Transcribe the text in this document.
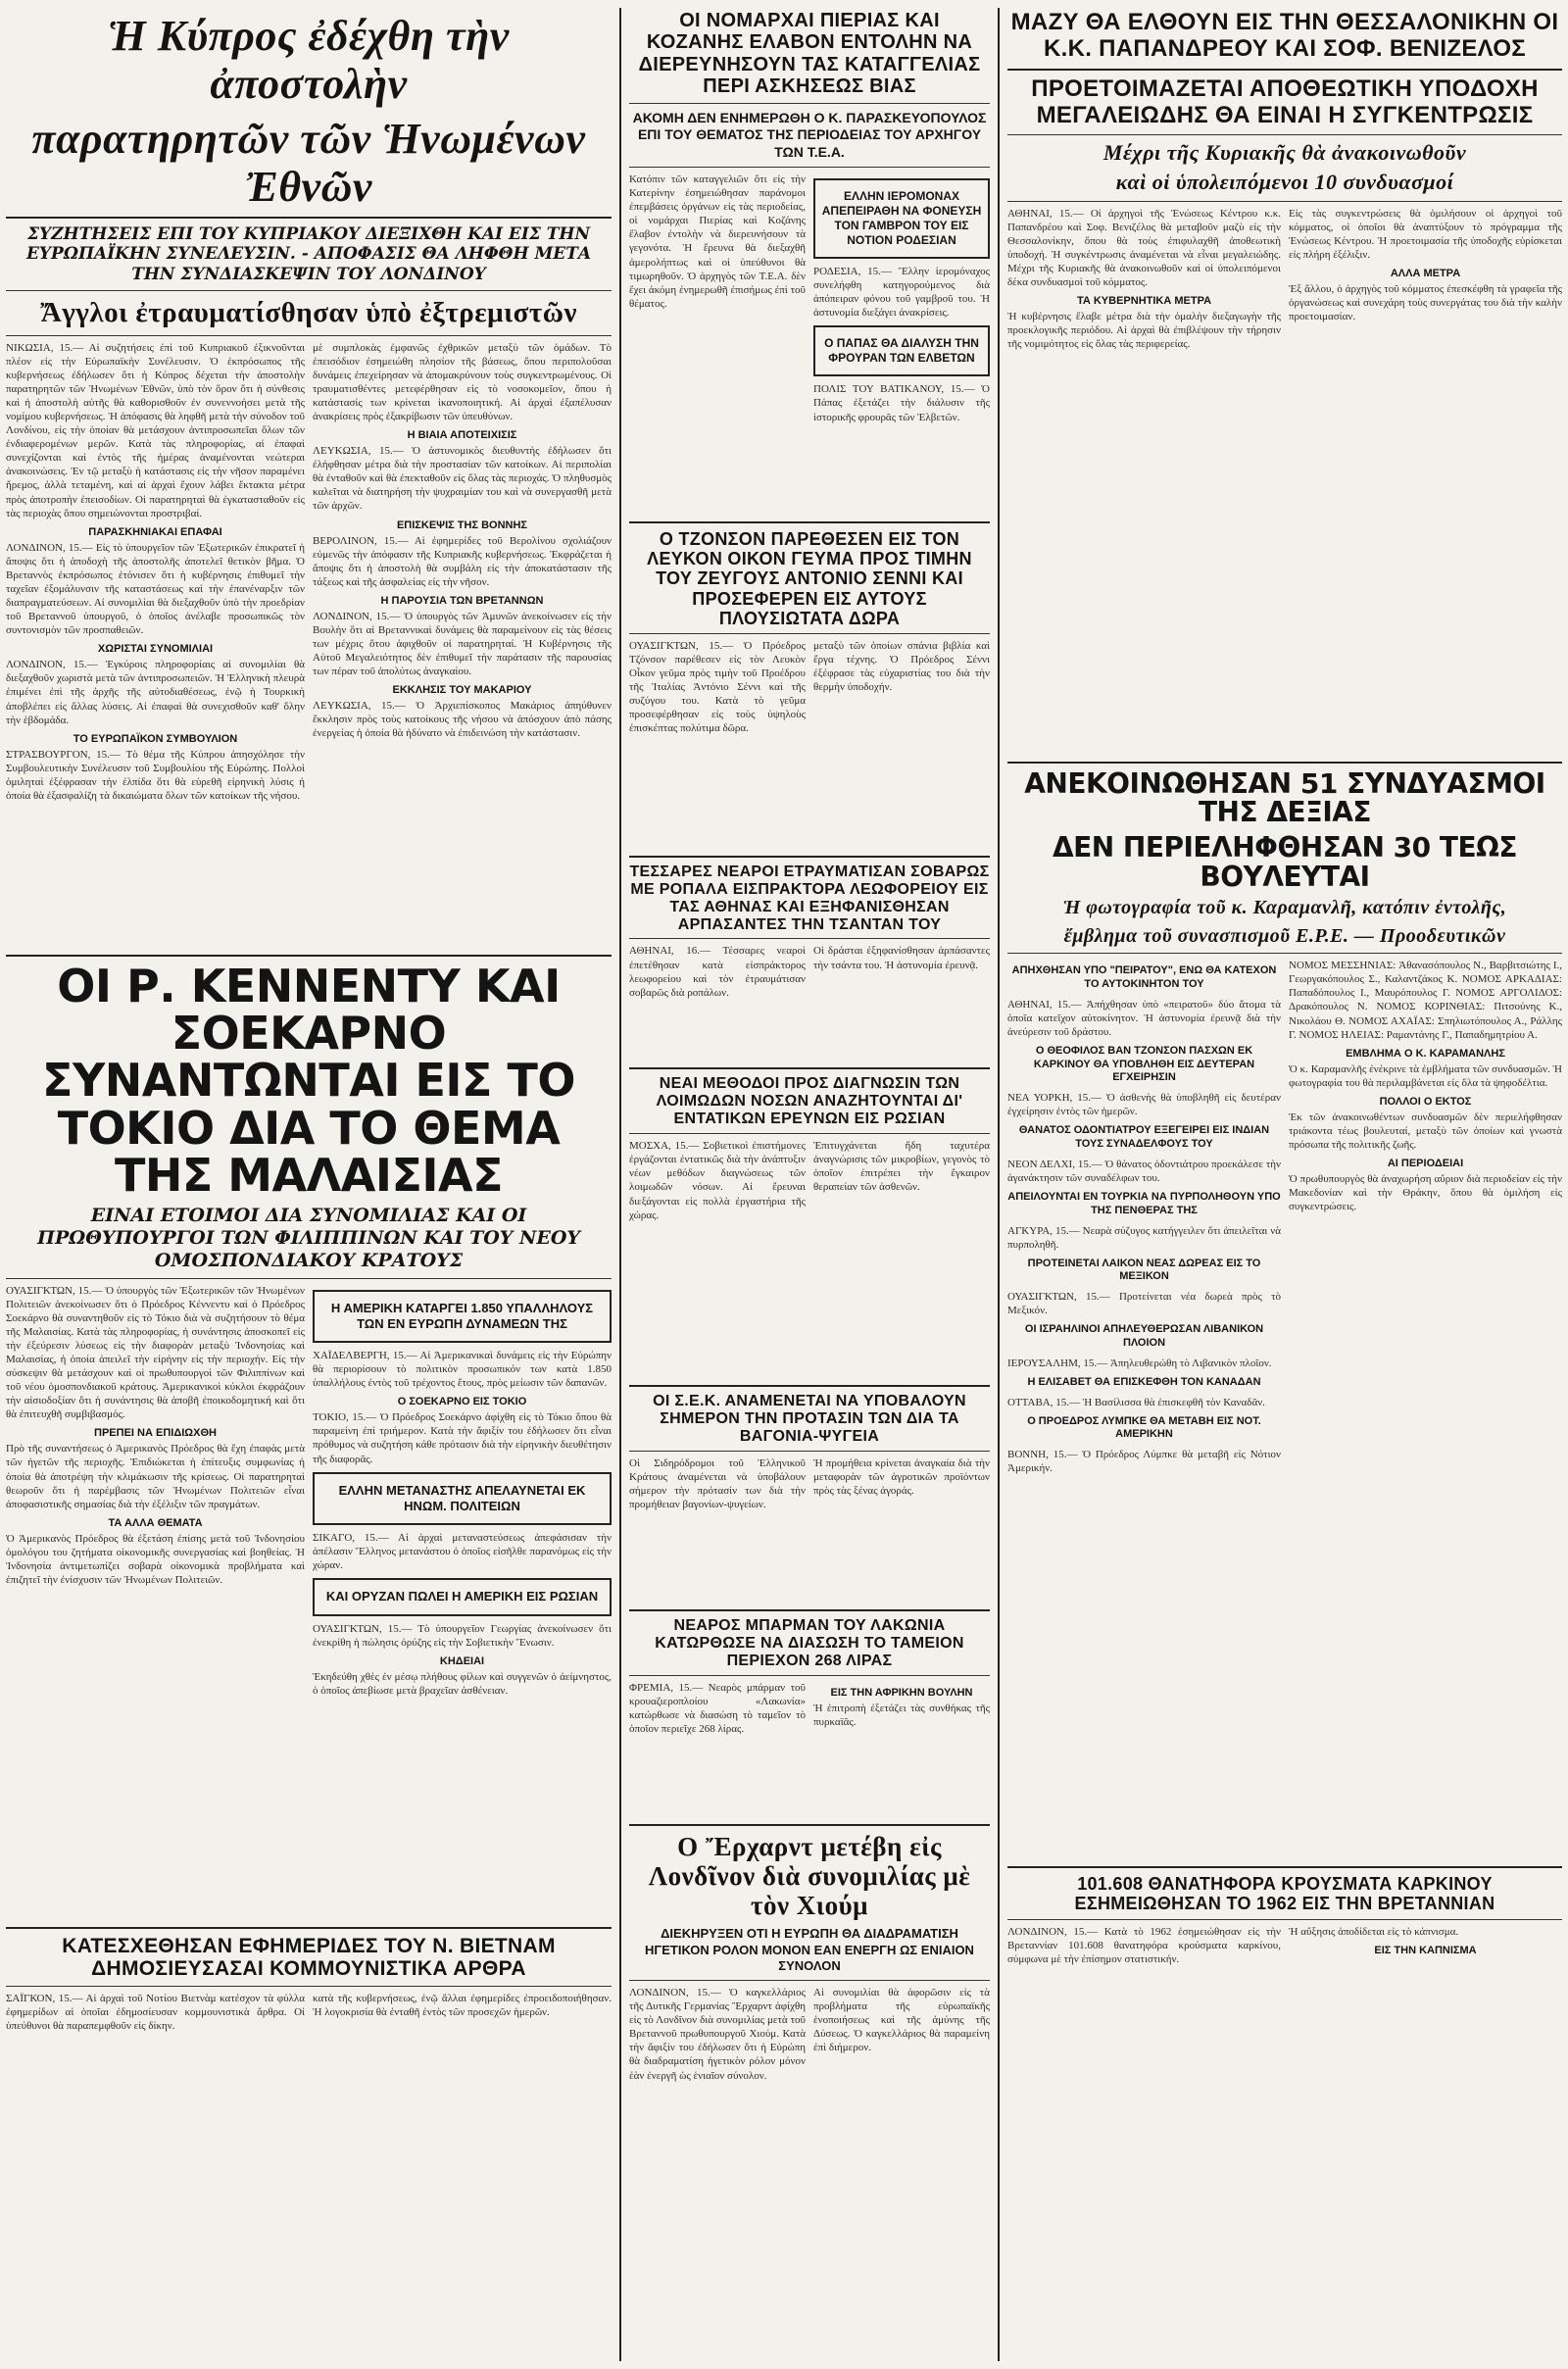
Ἡ Κύπρος ἐδέχθη τὴν ἀποστολὴν
παρατηρητῶν τῶν Ἡνωμένων Ἐθνῶν
ΣΥΖΗΤΗΣΕΙΣ ΕΠΙ ΤΟΥ ΚΥΠΡΙΑΚΟΥ ΔΙΕΞΙΧΘΗ ΚΑΙ ΕΙΣ ΤΗΝ ΕΥΡΩΠΑΪΚΗΝ ΣΥΝΕΛΕΥΣΙΝ. - ΑΠΟΦΑΣΙΣ ΘΑ ΛΗΦΘΗ ΜΕΤΑ ΤΗΝ ΣΥΝΔΙΑΣΚΕΨΙΝ ΤΟΥ ΛΟΝΔΙΝΟΥ
Ἄγγλοι ἐτραυματίσθησαν ὑπὸ ἐξτρεμιστῶν

ΝΙΚΩΣΙΑ, 15.— Αἱ συζητήσεις ἐπὶ τοῦ Κυπριακοῦ ἐξικνοῦνται πλέον εἰς τὴν Εὐρωπαϊκὴν Συνέλευσιν. Ὁ ἐκπρόσωπος τῆς κυβερνήσεως ἐδήλωσεν ὅτι ἡ Κύπρος δέχεται τὴν ἀποστολὴν παρατηρητῶν τῶν Ἡνωμένων Ἐθνῶν, ὑπὸ τὸν ὅρον ὅτι ἡ σύνθεσις καὶ ἡ ἀποστολὴ αὐτῆς θὰ καθορισθοῦν ἐν συνεννοήσει μετὰ τῆς νομίμου κυβερνήσεως. Ἡ ἀπόφασις θὰ ληφθῆ μετὰ τὴν σύνοδον τοῦ Λονδίνου, εἰς τὴν ὁποίαν θὰ μετάσχουν ἀντιπροσωπεῖαι ὅλων τῶν ἐνδιαφερομένων μερῶν. Κατὰ τὰς πληροφορίας, αἱ ἐπαφαὶ συνεχίζονται καὶ ἐντὸς τῆς ἡμέρας ἀναμένονται νεώτεραι ἀνακοινώσεις. Ἐν τῷ μεταξὺ ἡ κατάστασις εἰς τὴν νῆσον παραμένει ἤρεμος, ἀλλὰ τεταμένη, καὶ αἱ ἀρχαὶ ἔχουν λάβει ἔκτακτα μέτρα πρὸς ἀποτροπὴν ἐπεισοδίων. Οἱ παρατηρηταὶ θὰ ἐγκατασταθοῦν εἰς τὰς περιοχὰς ὅπου σημειώνονται προστριβαί.

ΠΑΡΑΣΚΗΝΙΑΚΑΙ ΕΠΑΦΑΙ

ΛΟΝΔΙΝΟΝ, 15.— Εἰς τὸ ὑπουργεῖον τῶν Ἐξωτερικῶν ἐπικρατεῖ ἡ ἄποψις ὅτι ἡ ἀποδοχὴ τῆς ἀποστολῆς ἀποτελεῖ θετικὸν βῆμα. Ὁ Βρεταννὸς ἐκπρόσωπος ἐτόνισεν ὅτι ἡ κυβέρνησις ἐπιθυμεῖ τὴν ταχεῖαν ἐξομάλυνσιν τῆς καταστάσεως καὶ τὴν ἐπανέναρξιν τῶν διαπραγματεύσεων. Αἱ συνομιλίαι θὰ διεξαχθοῦν ὑπὸ τὴν προεδρίαν τοῦ Βρεταννοῦ ὑπουργοῦ, ὁ ὁποῖος ἀνέλαβε προσωπικῶς τὸν συντονισμὸν τῶν προσπαθειῶν.

ΧΩΡΙΣΤΑΙ ΣΥΝΟΜΙΛΙΑΙ

ΛΟΝΔΙΝΟΝ, 15.— Ἐγκύροις πληροφορίαις αἱ συνομιλίαι θὰ διεξαχθοῦν χωριστὰ μετὰ τῶν ἀντιπροσωπειῶν. Ἡ Ἑλληνικὴ πλευρὰ ἐπιμένει ἐπὶ τῆς ἀρχῆς τῆς αὐτοδιαθέσεως, ἐνῷ ἡ Τουρκικὴ ἀποβλέπει εἰς ἄλλας λύσεις. Αἱ ἐπαφαὶ θὰ συνεχισθοῦν καθ' ὅλην τὴν ἑβδομάδα.

ΤΟ ΕΥΡΩΠΑΪΚΟΝ ΣΥΜΒΟΥΛΙΟΝ

ΣΤΡΑΣΒΟΥΡΓΟΝ, 15.— Τὸ θέμα τῆς Κύπρου ἀπησχόλησε τὴν Συμβουλευτικὴν Συνέλευσιν τοῦ Συμβουλίου τῆς Εὐρώπης. Πολλοὶ ὁμιληταὶ ἐξέφρασαν τὴν ἐλπίδα ὅτι θὰ εὑρεθῆ εἰρηνικὴ λύσις ἡ ὁποία θὰ ἐξασφαλίζη τὰ δικαιώματα ὅλων τῶν κατοίκων τῆς νήσου.

μὲ συμπλοκὰς ἐμφανῶς ἐχθρικῶν μεταξὺ τῶν ὁμάδων. Τὸ ἐπεισόδιον ἐσημειώθη πλησίον τῆς βάσεως, ὅπου περιπολοῦσαι δυνάμεις ἐπεχείρησαν νὰ ἀπομακρύνουν τοὺς συγκεντρωμένους. Οἱ τραυματισθέντες μετεφέρθησαν εἰς τὸ νοσοκομεῖον, ὅπου ἡ κατάστασίς των κρίνεται ἱκανοποιητική. Αἱ ἀρχαὶ ἐξαπέλυσαν ἀνακρίσεις πρὸς ἐξακρίβωσιν τῶν ὑπευθύνων.

Η ΒΙΑΙΑ ΑΠΟΤΕΙΧΙΣΙΣ

ΛΕΥΚΩΣΙΑ, 15.— Ὁ ἀστυνομικὸς διευθυντὴς ἐδήλωσεν ὅτι ἐλήφθησαν μέτρα διὰ τὴν προστασίαν τῶν κατοίκων. Αἱ περιπολίαι θὰ ἐνταθοῦν καὶ θὰ ἐπεκταθοῦν εἰς ὅλας τὰς περιοχάς. Ὁ πληθυσμὸς καλεῖται νὰ διατηρήση τὴν ψυχραιμίαν του καὶ νὰ συνεργασθῆ μετὰ τῶν ἀρχῶν.

ΕΠΙΣΚΕΨΙΣ ΤΗΣ ΒΟΝΝΗΣ

ΒΕΡΟΛΙΝΟΝ, 15.— Αἱ ἐφημερίδες τοῦ Βερολίνου σχολιάζουν εὐμενῶς τὴν ἀπόφασιν τῆς Κυπριακῆς κυβερνήσεως. Ἐκφράζεται ἡ ἄποψις ὅτι ἡ ἀποστολὴ θὰ συμβάλη εἰς τὴν ἀποκατάστασιν τῆς τάξεως καὶ τῆς ἀσφαλείας εἰς τὴν νῆσον.

Η ΠΑΡΟΥΣΙΑ ΤΩΝ ΒΡΕΤΑΝΝΩΝ

ΛΟΝΔΙΝΟΝ, 15.— Ὁ ὑπουργὸς τῶν Ἀμυνῶν ἀνεκοίνωσεν εἰς τὴν Βουλὴν ὅτι αἱ Βρεταννικαὶ δυνάμεις θὰ παραμείνουν εἰς τὰς θέσεις των μέχρις ὅτου ἀφιχθοῦν οἱ παρατηρηταί. Ἡ Κυβέρνησις τῆς Αὐτοῦ Μεγαλειότητος δὲν ἐπιθυμεῖ τὴν παράτασιν τῆς παρουσίας των πέραν τοῦ ἀπολύτως ἀναγκαίου.

ΕΚΚΛΗΣΙΣ ΤΟΥ ΜΑΚΑΡΙΟΥ

ΛΕΥΚΩΣΙΑ, 15.— Ὁ Ἀρχιεπίσκοπος Μακάριος ἀπηύθυνεν ἔκκλησιν πρὸς τοὺς κατοίκους τῆς νήσου νὰ ἀπόσχουν ἀπὸ πάσης ἐνεργείας ἡ ὁποία θὰ ἠδύνατο νὰ ἐπιδεινώση τὴν κατάστασιν.

ΟΙ Ρ. ΚΕΝΝΕΝΤΥ ΚΑΙ ΣΟΕΚΑΡΝΟ ΣΥΝΑΝΤΩΝΤΑΙ ΕΙΣ ΤΟ ΤΟΚΙΟ ΔΙΑ ΤΟ ΘΕΜΑ ΤΗΣ ΜΑΛΑΙΣΙΑΣ
ΕΙΝΑΙ ΕΤΟΙΜΟΙ ΔΙΑ ΣΥΝΟΜΙΛΙΑΣ ΚΑΙ ΟΙ ΠΡΩΘΥΠΟΥΡΓΟΙ ΤΩΝ ΦΙΛΙΠΠΙΝΩΝ ΚΑΙ ΤΟΥ ΝΕΟΥ ΟΜΟΣΠΟΝΔΙΑΚΟΥ ΚΡΑΤΟΥΣ

ΟΥΑΣΙΓΚΤΩΝ, 15.— Ὁ ὑπουργὸς τῶν Ἐξωτερικῶν τῶν Ἡνωμένων Πολιτειῶν ἀνεκοίνωσεν ὅτι ὁ Πρόεδρος Κέννεντυ καὶ ὁ Πρόεδρος Σοεκάρνο θὰ συναντηθοῦν εἰς τὸ Τόκιο διὰ νὰ συζητήσουν τὸ θέμα τῆς Μαλαισίας. Κατὰ τὰς πληροφορίας, ἡ συνάντησις ἀποσκοπεῖ εἰς τὴν ἐξεύρεσιν λύσεως εἰς τὴν διαφορὰν μεταξὺ Ἰνδονησίας καὶ Μαλαισίας, ἡ ὁποία ἀπειλεῖ τὴν εἰρήνην εἰς τὴν περιοχήν. Εἰς τὴν σύσκεψιν θὰ μετάσχουν καὶ οἱ πρωθυπουργοὶ τῶν Φιλιππίνων καὶ τοῦ νέου ὁμοσπονδιακοῦ κράτους. Ἀμερικανικοὶ κύκλοι ἐκφράζουν τὴν αἰσιοδοξίαν ὅτι ἡ συνάντησις θὰ ἀποβῆ ἐποικοδομητική καὶ ὅτι θὰ ἐπιτευχθῆ συμβιβασμός.

ΠΡΕΠΕΙ ΝΑ ΕΠΙΔΙΩΧΘΗ

Πρὸ τῆς συναντήσεως ὁ Ἀμερικανὸς Πρόεδρος θὰ ἔχη ἐπαφὰς μετὰ τῶν ἡγετῶν τῆς περιοχῆς. Ἐπιδιώκεται ἡ ἐπίτευξις συμφωνίας ἡ ὁποία θὰ ἀποτρέψη τὴν κλιμάκωσιν τῆς κρίσεως. Οἱ παρατηρηταὶ θεωροῦν ὅτι ἡ παρέμβασις τῶν Ἡνωμένων Πολιτειῶν εἶναι ἀποφασιστικῆς σημασίας διὰ τὴν ἐξέλιξιν τῶν πραγμάτων.

ΤΑ ΑΛΛΑ ΘΕΜΑΤΑ

Ὁ Ἀμερικανὸς Πρόεδρος θὰ ἐξετάση ἐπίσης μετὰ τοῦ Ἰνδονησίου ὁμολόγου του ζητήματα οἰκονομικῆς συνεργασίας καὶ βοηθείας. Ἡ Ἰνδονησία ἀντιμετωπίζει σοβαρὰ οἰκονομικὰ προβλήματα καὶ ἐπιζητεῖ τὴν ἐνίσχυσιν τῶν Ἡνωμένων Πολιτειῶν.

Η ΑΜΕΡΙΚΗ ΚΑΤΑΡΓΕΙ 1.850 ΥΠΑΛΛΗΛΟΥΣ ΤΩΝ ΕΝ ΕΥΡΩΠΗ ΔΥΝΑΜΕΩΝ ΤΗΣ

ΧΑΪΔΕΛΒΕΡΓΗ, 15.— Αἱ Ἀμερικανικαὶ δυνάμεις εἰς τὴν Εὐρώπην θὰ περιορίσουν τὸ πολιτικὸν προσωπικόν των κατὰ 1.850 ὑπαλλήλους ἐντὸς τοῦ τρέχοντος ἔτους, πρὸς μείωσιν τῶν δαπανῶν.

Ο ΣΟΕΚΑΡΝΟ ΕΙΣ ΤΟΚΙΟ

ΤΟΚΙΟ, 15.— Ὁ Πρόεδρος Σοεκάρνο ἀφίχθη εἰς τὸ Τόκιο ὅπου θὰ παραμείνη ἐπὶ τριήμερον. Κατὰ τὴν ἄφιξίν του ἐδήλωσεν ὅτι εἶναι πρόθυμος νὰ συζητήση κάθε πρότασιν διὰ τὴν εἰρηνικὴν διευθέτησιν τῆς διαφορᾶς.

ΕΛΛΗΝ ΜΕΤΑΝΑΣΤΗΣ ΑΠΕΛΑΥΝΕΤΑΙ ΕΚ ΗΝΩΜ. ΠΟΛΙΤΕΙΩΝ

ΣΙΚΑΓΟ, 15.— Αἱ ἀρχαὶ μεταναστεύσεως ἀπεφάσισαν τὴν ἀπέλασιν Ἕλληνος μετανάστου ὁ ὁποῖος εἰσῆλθε παρανόμως εἰς τὴν χώραν.

ΚΑΙ ΟΡΥΖΑΝ ΠΩΛΕΙ Η ΑΜΕΡΙΚΗ ΕΙΣ ΡΩΣΙΑΝ

ΟΥΑΣΙΓΚΤΩΝ, 15.— Τὸ ὑπουργεῖον Γεωργίας ἀνεκοίνωσεν ὅτι ἐνεκρίθη ἡ πώλησις ὀρύζης εἰς τὴν Σοβιετικὴν Ἕνωσιν.

ΚΗΔΕΙΑΙ

Ἐκηδεύθη χθὲς ἐν μέσῳ πλήθους φίλων καὶ συγγενῶν ὁ ἀείμνηστος, ὁ ὁποῖος ἀπεβίωσε μετὰ βραχεῖαν ἀσθένειαν.

ΚΑΤΕΣΧΕΘΗΣΑΝ ΕΦΗΜΕΡΙΔΕΣ ΤΟΥ Ν. ΒΙΕΤΝΑΜ ΔΗΜΟΣΙΕΥΣΑΣΑΙ ΚΟΜΜΟΥΝΙΣΤΙΚΑ ΑΡΘΡΑ

ΣΑΪΓΚΟΝ, 15.— Αἱ ἀρχαὶ τοῦ Νοτίου Βιετνὰμ κατέσχον τὰ φύλλα ἐφημερίδων αἱ ὁποῖαι ἐδημοσίευσαν κομμουνιστικὰ ἄρθρα. Οἱ ὑπεύθυνοι θὰ παραπεμφθοῦν εἰς δίκην.

κατὰ τῆς κυβερνήσεως, ἐνῷ ἄλλαι ἐφημερίδες ἐπροειδοποιήθησαν. Ἡ λογοκρισία θὰ ἐνταθῆ ἐντὸς τῶν προσεχῶν ἡμερῶν.

ΟΙ ΝΟΜΑΡΧΑΙ ΠΙΕΡΙΑΣ ΚΑΙ ΚΟΖΑΝΗΣ ΕΛΑΒΟΝ ΕΝΤΟΛΗΝ ΝΑ ΔΙΕΡΕΥΝΗΣΟΥΝ ΤΑΣ ΚΑΤΑΓΓΕΛΙΑΣ ΠΕΡΙ ΑΣΚΗΣΕΩΣ ΒΙΑΣ
ΑΚΟΜΗ ΔΕΝ ΕΝΗΜΕΡΩΘΗ Ο Κ. ΠΑΡΑΣΚΕΥΟΠΟΥΛΟΣ ΕΠΙ ΤΟΥ ΘΕΜΑΤΟΣ ΤΗΣ ΠΕΡΙΟΔΕΙΑΣ ΤΟΥ ΑΡΧΗΓΟΥ ΤΩΝ Τ.Ε.Α.

Κατόπιν τῶν καταγγελιῶν ὅτι εἰς τὴν Κατερίνην ἐσημειώθησαν παράνομοι ἐπεμβάσεις ὀργάνων εἰς τὰς περιοδείας, οἱ νομάρχαι Πιερίας καὶ Κοζάνης ἔλαβον ἐντολὴν νὰ διερευνήσουν τὰ γεγονότα. Ἡ ἔρευνα θὰ διεξαχθῆ ἀμερολήπτως καὶ οἱ ὑπεύθυνοι θὰ τιμωρηθοῦν. Ὁ ἀρχηγὸς τῶν Τ.Ε.Α. δὲν ἔχει ἀκόμη ἐνημερωθῆ ἐπισήμως ἐπὶ τοῦ θέματος.

ΕΛΛΗΝ ΙΕΡΟΜΟΝΑΧ ΑΠΕΠΕΙΡΑΘΗ ΝΑ ΦΟΝΕΥΣΗ ΤΟΝ ΓΑΜΒΡΟΝ ΤΟΥ ΕΙΣ ΝΟΤΙΟΝ ΡΟΔΕΣΙΑΝ

ΡΟΔΕΣΙΑ, 15.— Ἕλλην ἱερομόναχος συνελήφθη κατηγορούμενος διὰ ἀπόπειραν φόνου τοῦ γαμβροῦ του. Ἡ ἀστυνομία διεξάγει ἀνακρίσεις.

Ο ΠΑΠΑΣ ΘΑ ΔΙΑΛΥΣΗ ΤΗΝ ΦΡΟΥΡΑΝ ΤΩΝ ΕΛΒΕΤΩΝ

ΠΟΛΙΣ ΤΟΥ ΒΑΤΙΚΑΝΟΥ, 15.— Ὁ Πάπας ἐξετάζει τὴν διάλυσιν τῆς ἱστορικῆς φρουρᾶς τῶν Ἑλβετῶν.

Ο ΤΖΟΝΣΟΝ ΠΑΡΕΘΕΣΕΝ ΕΙΣ ΤΟΝ ΛΕΥΚΟΝ ΟΙΚΟΝ ΓΕΥΜΑ ΠΡΟΣ ΤΙΜΗΝ ΤΟΥ ΖΕΥΓΟΥΣ ΑΝΤΟΝΙΟ ΣΕΝΝΙ ΚΑΙ ΠΡΟΣΕΦΕΡΕΝ ΕΙΣ ΑΥΤΟΥΣ ΠΛΟΥΣΙΩΤΑΤΑ ΔΩΡΑ

ΟΥΑΣΙΓΚΤΩΝ, 15.— Ὁ Πρόεδρος Τζόνσον παρέθεσεν εἰς τὸν Λευκὸν Οἶκον γεῦμα πρὸς τιμὴν τοῦ Προέδρου τῆς Ἰταλίας Ἀντόνιο Σέννι καὶ τῆς συζύγου του. Κατὰ τὸ γεῦμα προσεφέρθησαν εἰς τοὺς ὑψηλοὺς ἐπισκέπτας πολύτιμα δῶρα.

μεταξὺ τῶν ὁποίων σπάνια βιβλία καὶ ἔργα τέχνης. Ὁ Πρόεδρος Σέννι ἐξέφρασε τὰς εὐχαριστίας του διὰ τὴν θερμὴν ὑποδοχήν.

ΤΕΣΣΑΡΕΣ ΝΕΑΡΟΙ ΕΤΡΑΥΜΑΤΙΣΑΝ ΣΟΒΑΡΩΣ ΜΕ ΡΟΠΑΛΑ ΕΙΣΠΡΑΚΤΟΡΑ ΛΕΩΦΟΡΕΙΟΥ ΕΙΣ ΤΑΣ ΑΘΗΝΑΣ ΚΑΙ ΕΞΗΦΑΝΙΣΘΗΣΑΝ ΑΡΠΑΣΑΝΤΕΣ ΤΗΝ ΤΣΑΝΤΑΝ ΤΟΥ

ΑΘΗΝΑΙ, 16.— Τέσσαρες νεαροὶ ἐπετέθησαν κατὰ εἰσπράκτορος λεωφορείου καὶ τὸν ἐτραυμάτισαν σοβαρῶς διὰ ροπάλων.

Οἱ δράσται ἐξηφανίσθησαν ἁρπάσαντες τὴν τσάντα του. Ἡ ἀστυνομία ἐρευνᾷ.

ΝΕΑΙ ΜΕΘΟΔΟΙ ΠΡΟΣ ΔΙΑΓΝΩΣΙΝ ΤΩΝ ΛΟΙΜΩΔΩΝ ΝΟΣΩΝ ΑΝΑΖΗΤΟΥΝΤΑΙ ΔΙ' ΕΝΤΑΤΙΚΩΝ ΕΡΕΥΝΩΝ ΕΙΣ ΡΩΣΙΑΝ

ΜΟΣΧΑ, 15.— Σοβιετικοὶ ἐπιστήμονες ἐργάζονται ἐντατικῶς διὰ τὴν ἀνάπτυξιν νέων μεθόδων διαγνώσεως τῶν λοιμωδῶν νόσων. Αἱ ἔρευναι διεξάγονται εἰς πολλὰ ἐργαστήρια τῆς χώρας.

Ἐπιτυγχάνεται ἤδη ταχυτέρα ἀναγνώρισις τῶν μικροβίων, γεγονὸς τὸ ὁποῖον ἐπιτρέπει τὴν ἔγκαιρον θεραπείαν τῶν ἀσθενῶν.

ΟΙ Σ.Ε.Κ. ΑΝΑΜΕΝΕΤΑΙ ΝΑ ΥΠΟΒΑΛΟΥΝ ΣΗΜΕΡΟΝ ΤΗΝ ΠΡΟΤΑΣΙΝ ΤΩΝ ΔΙΑ ΤΑ ΒΑΓΟΝΙΑ-ΨΥΓΕΙΑ

Οἱ Σιδηρόδρομοι τοῦ Ἑλληνικοῦ Κράτους ἀναμένεται νὰ ὑποβάλουν σήμερον τὴν πρότασίν των διὰ τὴν προμήθειαν βαγονίων-ψυγείων.

Ἡ προμήθεια κρίνεται ἀναγκαία διὰ τὴν μεταφορὰν τῶν ἀγροτικῶν προϊόντων πρὸς τὰς ξένας ἀγοράς.

ΝΕΑΡΟΣ ΜΠΑΡΜΑΝ ΤΟΥ ΛΑΚΩΝΙΑ ΚΑΤΩΡΘΩΣΕ ΝΑ ΔΙΑΣΩΣΗ ΤΟ ΤΑΜΕΙΟΝ ΠΕΡΙΕΧΟΝ 268 ΛΙΡΑΣ

ΦΡΕΜΙΑ, 15.— Νεαρὸς μπάρμαν τοῦ κρουαζιεροπλοίου «Λακωνία» κατώρθωσε νὰ διασώση τὸ ταμεῖον τὸ ὁποῖον περιεῖχε 268 λίρας.

ΕΙΣ ΤΗΝ ΑΦΡΙΚΗΝ ΒΟΥΛΗΝ

Ἡ ἐπιτροπὴ ἐξετάζει τὰς συνθήκας τῆς πυρκαϊᾶς.

Ο Ἔρχαρντ μετέβη εἰς Λονδῖνον διὰ συνομιλίας μὲ τὸν Χιούμ
ΔΙΕΚΗΡΥΞΕΝ ΟΤΙ Η ΕΥΡΩΠΗ ΘΑ ΔΙΑΔΡΑΜΑΤΙΣΗ ΗΓΕΤΙΚΟΝ ΡΟΛΟΝ ΜΟΝΟΝ ΕΑΝ ΕΝΕΡΓΗ ΩΣ ΕΝΙΑΙΟΝ ΣΥΝΟΛΟΝ

ΛΟΝΔΙΝΟΝ, 15.— Ὁ καγκελλάριος τῆς Δυτικῆς Γερμανίας Ἔρχαρντ ἀφίχθη εἰς τὸ Λονδῖνον διὰ συνομιλίας μετὰ τοῦ Βρεταννοῦ πρωθυπουργοῦ Χιούμ. Κατὰ τὴν ἄφιξίν του ἐδήλωσεν ὅτι ἡ Εὐρώπη θὰ διαδραματίση ἡγετικὸν ρόλον μόνον ἐὰν ἐνεργῆ ὡς ἑνιαῖον σύνολον.

Αἱ συνομιλίαι θὰ ἀφορῶσιν εἰς τὰ προβλήματα τῆς εὐρωπαϊκῆς ἑνοποιήσεως καὶ τῆς ἀμύνης τῆς Δύσεως. Ὁ καγκελλάριος θὰ παραμείνη ἐπὶ διήμερον.

ΜΑΖΥ ΘΑ ΕΛΘΟΥΝ ΕΙΣ ΤΗΝ ΘΕΣΣΑΛΟΝΙΚΗΝ ΟΙ Κ.Κ. ΠΑΠΑΝΔΡΕΟΥ ΚΑΙ ΣΟΦ. ΒΕΝΙΖΕΛΟΣ
ΠΡΟΕΤΟΙΜΑΖΕΤΑΙ ΑΠΟΘΕΩΤΙΚΗ ΥΠΟΔΟΧΗ ΜΕΓΑΛΕΙΩΔΗΣ ΘΑ ΕΙΝΑΙ Η ΣΥΓΚΕΝΤΡΩΣΙΣ
Μέχρι τῆς Κυριακῆς θὰ ἀνακοινωθοῦν
καὶ οἱ ὑπολειπόμενοι 10 συνδυασμοί

ΑΘΗΝΑΙ, 15.— Οἱ ἀρχηγοὶ τῆς Ἑνώσεως Κέντρου κ.κ. Παπανδρέου καὶ Σοφ. Βενιζέλος θὰ μεταβοῦν μαζὺ εἰς τὴν Θεσσαλονίκην, ὅπου θὰ τοὺς ἐπιφυλαχθῆ ἀποθεωτικὴ ὑποδοχή. Ἡ συγκέντρωσις ἀναμένεται νὰ εἶναι μεγαλειώδης. Μέχρι τῆς Κυριακῆς θὰ ἀνακοινωθοῦν καὶ οἱ ὑπολειπόμενοι δέκα συνδυασμοὶ τοῦ κόμματος.

ΤΑ ΚΥΒΕΡΝΗΤΙΚΑ ΜΕΤΡΑ

Ἡ κυβέρνησις ἔλαβε μέτρα διὰ τὴν ὁμαλὴν διεξαγωγὴν τῆς προεκλογικῆς περιόδου. Αἱ ἀρχαὶ θὰ ἐπιβλέψουν τὴν τήρησιν τῆς νομιμότητος εἰς ὅλας τὰς περιφερείας.

Εἰς τὰς συγκεντρώσεις θὰ ὁμιλήσουν οἱ ἀρχηγοὶ τοῦ κόμματος, οἱ ὁποῖοι θὰ ἀναπτύξουν τὸ πρόγραμμα τῆς Ἑνώσεως Κέντρου. Ἡ προετοιμασία τῆς ὑποδοχῆς εὑρίσκεται εἰς πλήρη ἐξέλιξιν.

ΑΛΛΑ ΜΕΤΡΑ

Ἐξ ἄλλου, ὁ ἀρχηγὸς τοῦ κόμματος ἐπεσκέφθη τὰ γραφεῖα τῆς ὀργανώσεως καὶ συνεχάρη τοὺς συνεργάτας του διὰ τὴν καλὴν προετοιμασίαν.

ΑΝΕΚΟΙΝΩΘΗΣΑΝ 51 ΣΥΝΔΥΑΣΜΟΙ ΤΗΣ ΔΕΞΙΑΣ
ΔΕΝ ΠΕΡΙΕΛΗΦΘΗΣΑΝ 30 ΤΕΩΣ ΒΟΥΛΕΥΤΑΙ
Ἡ φωτογραφία τοῦ κ. Καραμανλῆ, κατόπιν ἐντολῆς,
ἔμβλημα τοῦ συνασπισμοῦ Ε.Ρ.Ε. — Προοδευτικῶν
ΑΠΗΧΘΗΣΑΝ ΥΠΟ "ΠΕΙΡΑΤΟΥ", ΕΝΩ ΘΑ ΚΑΤΕΧΟΝ ΤΟ ΑΥΤΟΚΙΝΗΤΟΝ ΤΟΥ

ΑΘΗΝΑΙ, 15.— Ἀπήχθησαν ὑπὸ «πειρατοῦ» δύο ἄτομα τὰ ὁποῖα κατεῖχον αὐτοκίνητον. Ἡ ἀστυνομία ἐρευνᾷ διὰ τὴν ἀνεύρεσιν τοῦ δράστου.

Ο ΘΕΟΦΙΛΟΣ ΒΑΝ ΤΖΟΝΣΟΝ ΠΑΣΧΩΝ ΕΚ ΚΑΡΚΙΝΟΥ ΘΑ ΥΠΟΒΛΗΘΗ ΕΙΣ ΔΕΥΤΕΡΑΝ ΕΓΧΕΙΡΗΣΙΝ

ΝΕΑ ΥΟΡΚΗ, 15.— Ὁ ἀσθενὴς θὰ ὑποβληθῆ εἰς δευτέραν ἐγχείρησιν ἐντὸς τῶν ἡμερῶν.

ΘΑΝΑΤΟΣ ΟΔΟΝΤΙΑΤΡΟΥ ΕΞΕΓΕΙΡΕΙ ΕΙΣ ΙΝΔΙΑΝ ΤΟΥΣ ΣΥΝΑΔΕΛΦΟΥΣ ΤΟΥ

ΝΕΟΝ ΔΕΛΧΙ, 15.— Ὁ θάνατος ὀδοντιάτρου προεκάλεσε τὴν ἀγανάκτησιν τῶν συναδέλφων του.

ΑΠΕΙΛΟΥΝΤΑΙ ΕΝ ΤΟΥΡΚΙΑ ΝΑ ΠΥΡΠΟΛΗΘΟΥΝ ΥΠΟ ΤΗΣ ΠΕΝΘΕΡΑΣ ΤΗΣ

ΑΓΚΥΡΑ, 15.— Νεαρὰ σύζυγος κατήγγειλεν ὅτι ἀπειλεῖται νὰ πυρποληθῆ.

ΠΡΟΤΕΙΝΕΤΑΙ ΛΑΙΚΟΝ ΝΕΑΣ ΔΩΡΕΑΣ ΕΙΣ ΤΟ ΜΕΞΙΚΟΝ

ΟΥΑΣΙΓΚΤΩΝ, 15.— Προτείνεται νέα δωρεὰ πρὸς τὸ Μεξικόν.

ΟΙ ΙΣΡΑΗΛΙΝΟΙ ΑΠΗΛΕΥΘΕΡΩΣΑΝ ΛΙΒΑΝΙΚΟΝ ΠΛΟΙΟΝ

ΙΕΡΟΥΣΑΛΗΜ, 15.— Ἀπηλευθερώθη τὸ Λιβανικὸν πλοῖον.

Η ΕΛΙΣΑΒΕΤ ΘΑ ΕΠΙΣΚΕΦΘΗ ΤΟΝ ΚΑΝΑΔΑΝ

ΟΤΤΑΒΑ, 15.— Ἡ Βασίλισσα θὰ ἐπισκεφθῆ τὸν Καναδᾶν.

Ο ΠΡΟΕΔΡΟΣ ΛΥΜΠΚΕ ΘΑ ΜΕΤΑΒΗ ΕΙΣ ΝΟΤ. ΑΜΕΡΙΚΗΝ

ΒΟΝΝΗ, 15.— Ὁ Πρόεδρος Λύμπκε θὰ μεταβῆ εἰς Νότιον Ἀμερικήν.

ΝΟΜΟΣ ΜΕΣΣΗΝΙΑΣ: Ἀθανασόπουλος Ν., Βαρβιτσιώτης Ι., Γεωργακόπουλος Σ., Καλαντζάκος Κ. ΝΟΜΟΣ ΑΡΚΑΔΙΑΣ: Παπαδόπουλος Ι., Μαυρόπουλος Γ. ΝΟΜΟΣ ΑΡΓΟΛΙΔΟΣ: Δρακόπουλος Ν. ΝΟΜΟΣ ΚΟΡΙΝΘΙΑΣ: Πιτσούνης Κ., Νικολάου Θ. ΝΟΜΟΣ ΑΧΑΪΑΣ: Σπηλιωτόπουλος Α., Ράλλης Γ. ΝΟΜΟΣ ΗΛΕΙΑΣ: Ραμαντάνης Γ., Παπαδημητρίου Α.

ΕΜΒΛΗΜΑ Ο Κ. ΚΑΡΑΜΑΝΛΗΣ

Ὁ κ. Καραμανλῆς ἐνέκρινε τὰ ἐμβλήματα τῶν συνδυασμῶν. Ἡ φωτογραφία του θὰ περιλαμβάνεται εἰς ὅλα τὰ ψηφοδέλτια.

ΠΟΛΛΟΙ Ο ΕΚΤΟΣ

Ἐκ τῶν ἀνακοινωθέντων συνδυασμῶν δὲν περιελήφθησαν τριάκοντα τέως βουλευταί, μεταξὺ τῶν ὁποίων καὶ γνωστὰ πρόσωπα τῆς πολιτικῆς ζωῆς.

ΑΙ ΠΕΡΙΟΔΕΙΑΙ

Ὁ πρωθυπουργὸς θὰ ἀναχωρήση αὔριον διὰ περιοδείαν εἰς τὴν Μακεδονίαν καὶ τὴν Θράκην, ὅπου θὰ ὁμιλήση εἰς συγκεντρώσεις.

101.608 ΘΑΝΑΤΗΦΟΡΑ ΚΡΟΥΣΜΑΤΑ ΚΑΡΚΙΝΟΥ ΕΣΗΜΕΙΩΘΗΣΑΝ ΤΟ 1962 ΕΙΣ ΤΗΝ ΒΡΕΤΑΝΝΙΑΝ

ΛΟΝΔΙΝΟΝ, 15.— Κατὰ τὸ 1962 ἐσημειώθησαν εἰς τὴν Βρεταννίαν 101.608 θανατηφόρα κρούσματα καρκίνου, σύμφωνα μὲ τὴν ἐπίσημον στατιστικήν.

Ἡ αὔξησις ἀποδίδεται εἰς τὸ κάπνισμα.

ΕΙΣ ΤΗΝ ΚΑΠΝΙΣΜΑ
